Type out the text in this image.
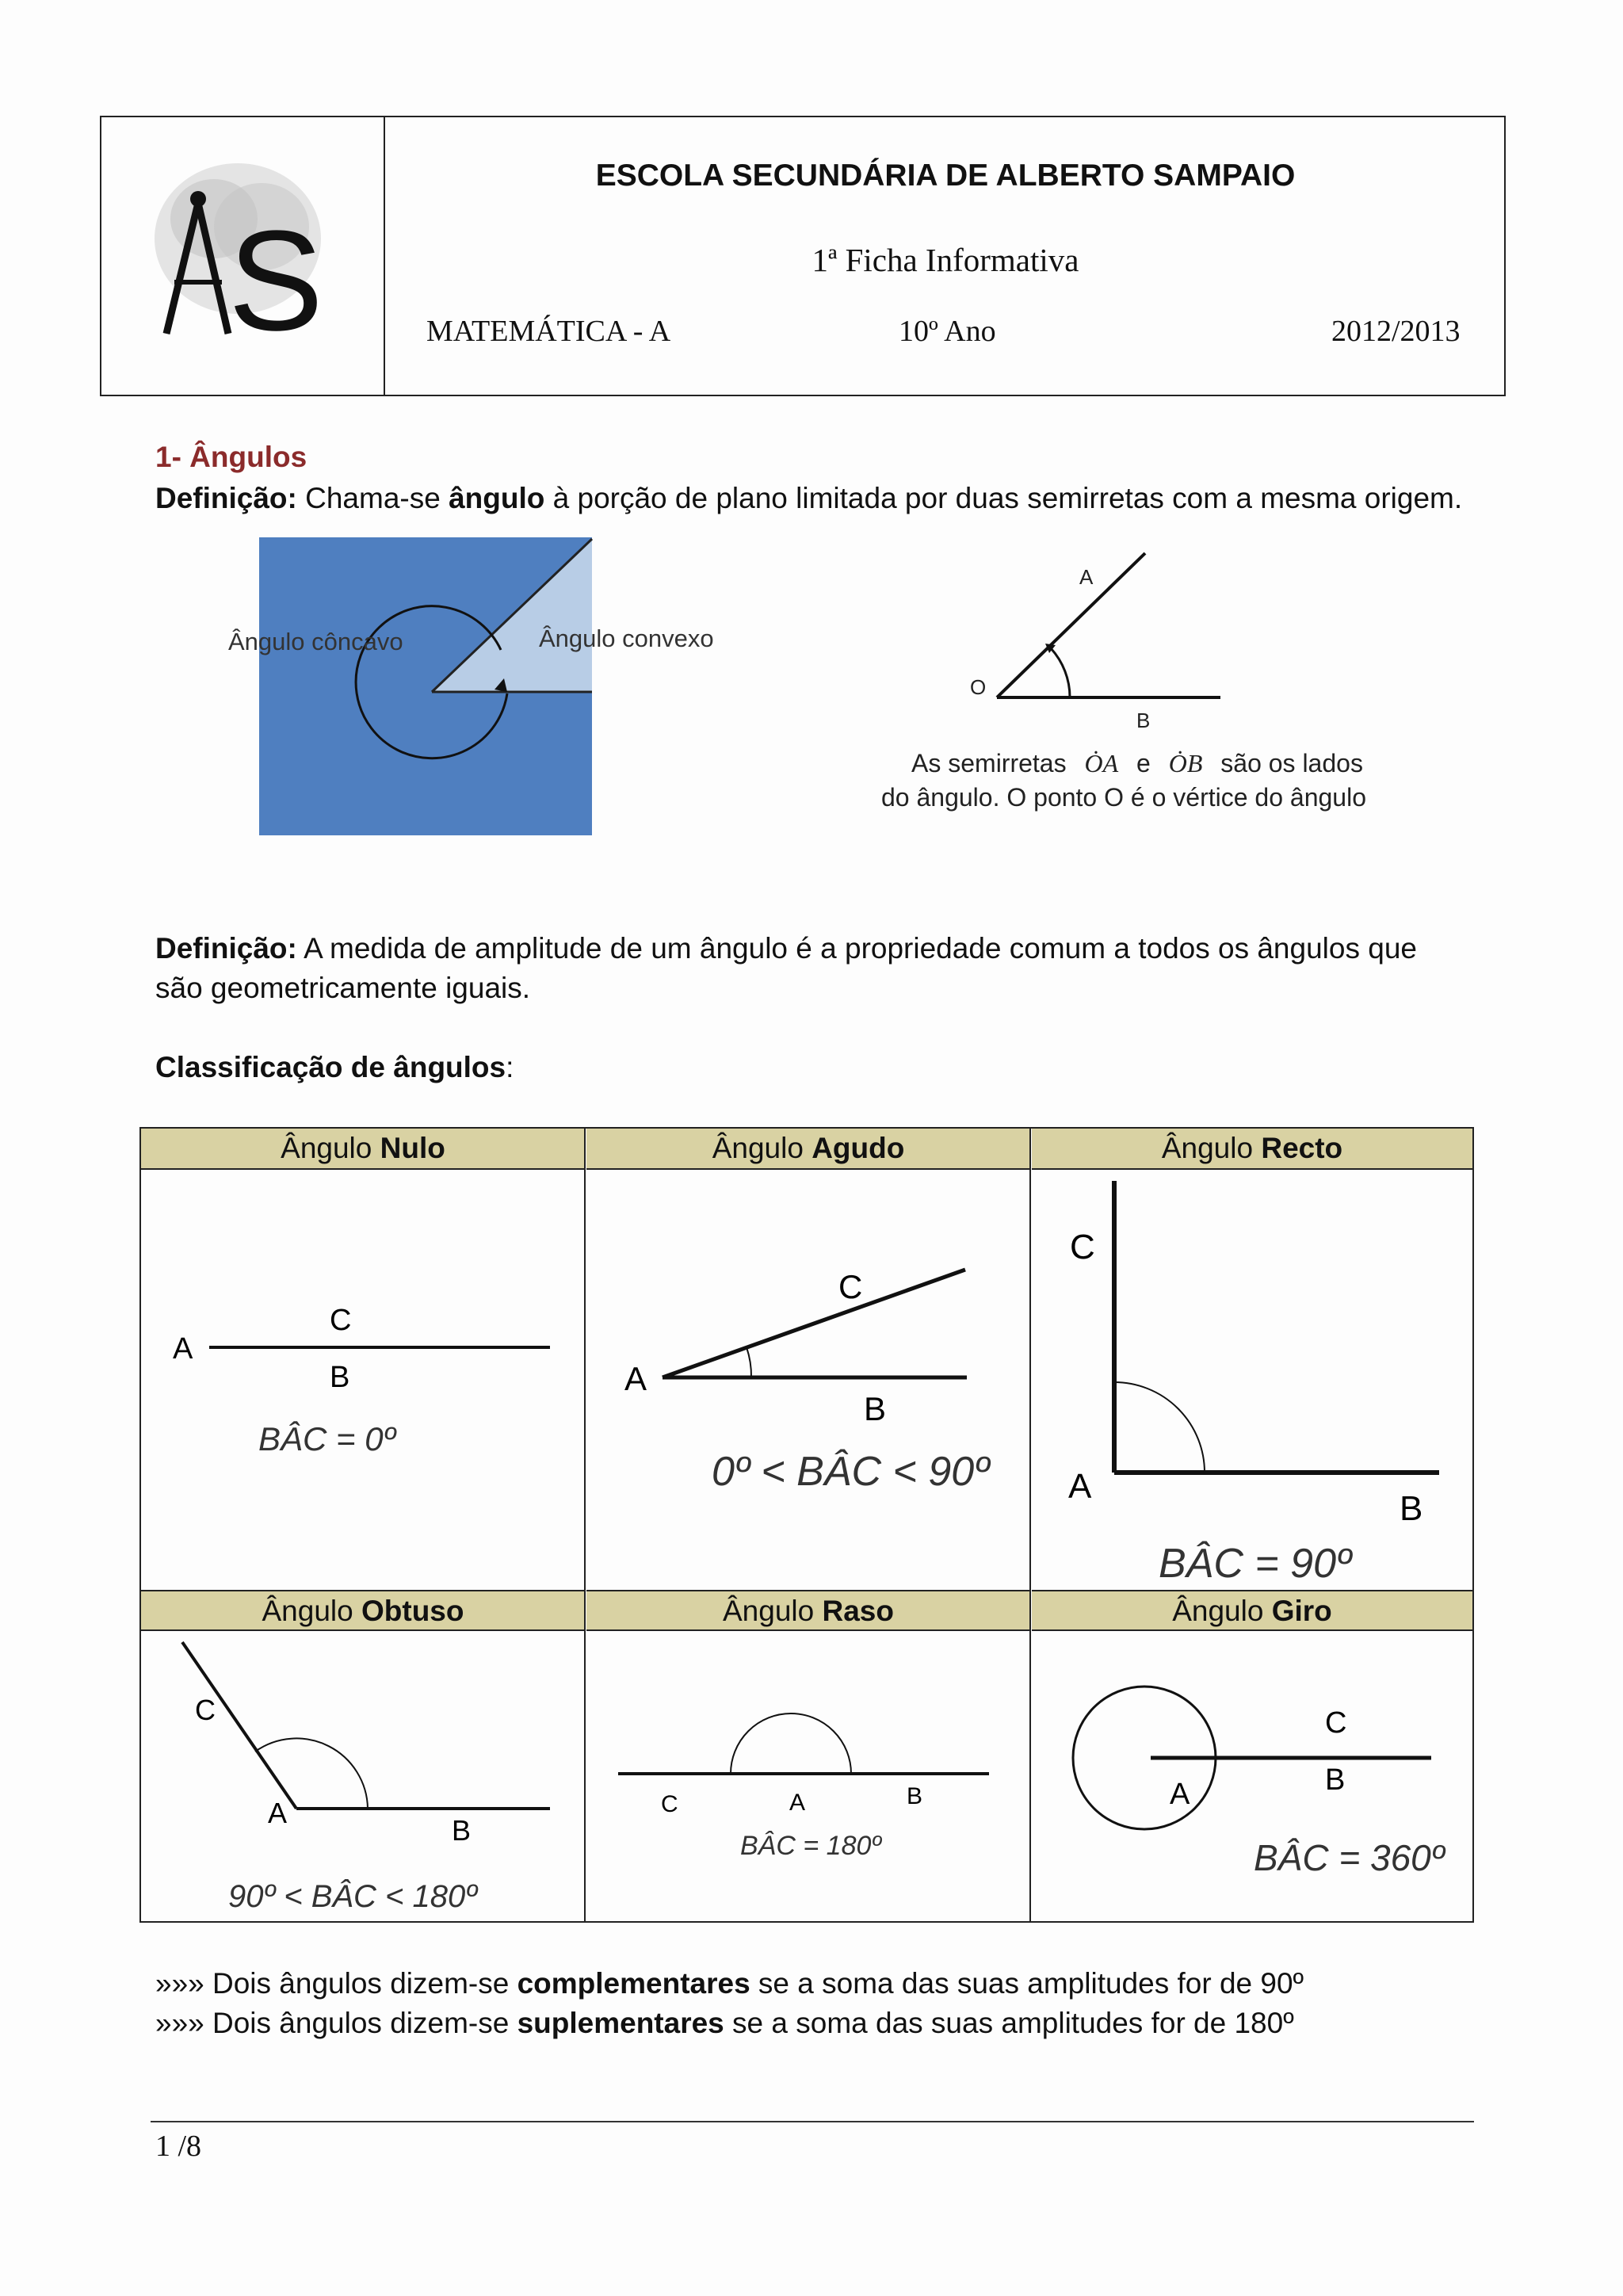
S
ESCOLA SECUNDÁRIA DE ALBERTO SAMPAIO
1ª Ficha Informativa
MATEMÁTICA - A	10º Ano	2012/2013
1- Ângulos
Definição: Chama-se ângulo à porção de plano limitada por duas semirretas com a mesma origem.
Ângulo côncavo	Ângulo convexo
A
O
B
As semirretas ȮA e ȮB são os lados
do ângulo. O ponto O é o vértice do ângulo
Definição: A medida de amplitude de um ângulo é a propriedade comum a todos os ângulos que
são geometricamente iguais.
Classificação de ângulos:
Ângulo Nulo	Ângulo Agudo	Ângulo Recto
Ângulo Obtuso	Ângulo Raso	Ângulo Giro
A
C
B
BÂC = 0º
A
C
B
0º < BÂC < 90º
C
A
B
BÂC = 90º
C
A
B
90º < BÂC < 180º
C	A	B
BÂC = 180º
C
A	B
BÂC = 360º
»»» Dois ângulos dizem-se complementares se a soma das suas amplitudes for de 90º
»»» Dois ângulos dizem-se suplementares se a soma das suas amplitudes for de 180º
1 /8
